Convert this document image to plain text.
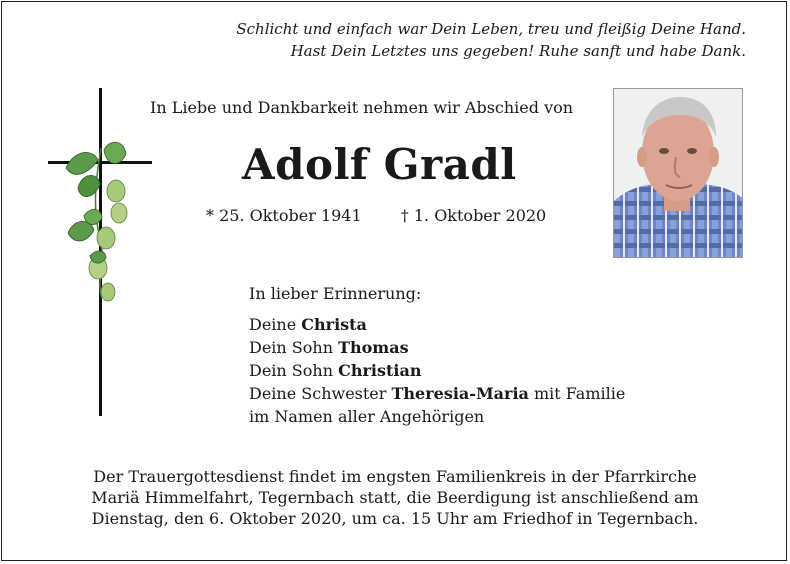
Schlicht und einfach war Dein Leben, treu und fleißig Deine Hand.
Hast Dein Letztes uns gegeben! Ruhe sanft und habe Dank.
In Liebe und Dankbarkeit nehmen wir Abschied von
Adolf Gradl
* 25. Oktober 1941 † 1. Oktober 2020
In lieber Erinnerung:
Deine Christa
Dein Sohn Thomas
Dein Sohn Christian
Deine Schwester Theresia-Maria mit Familie
im Namen aller Angehörigen
Der Trauergottesdienst findet im engsten Familienkreis in der Pfarrkirche
Mariä Himmelfahrt, Tegernbach statt, die Beerdigung ist anschließend am
Dienstag, den 6. Oktober 2020, um ca. 15 Uhr am Friedhof in Tegernbach.
